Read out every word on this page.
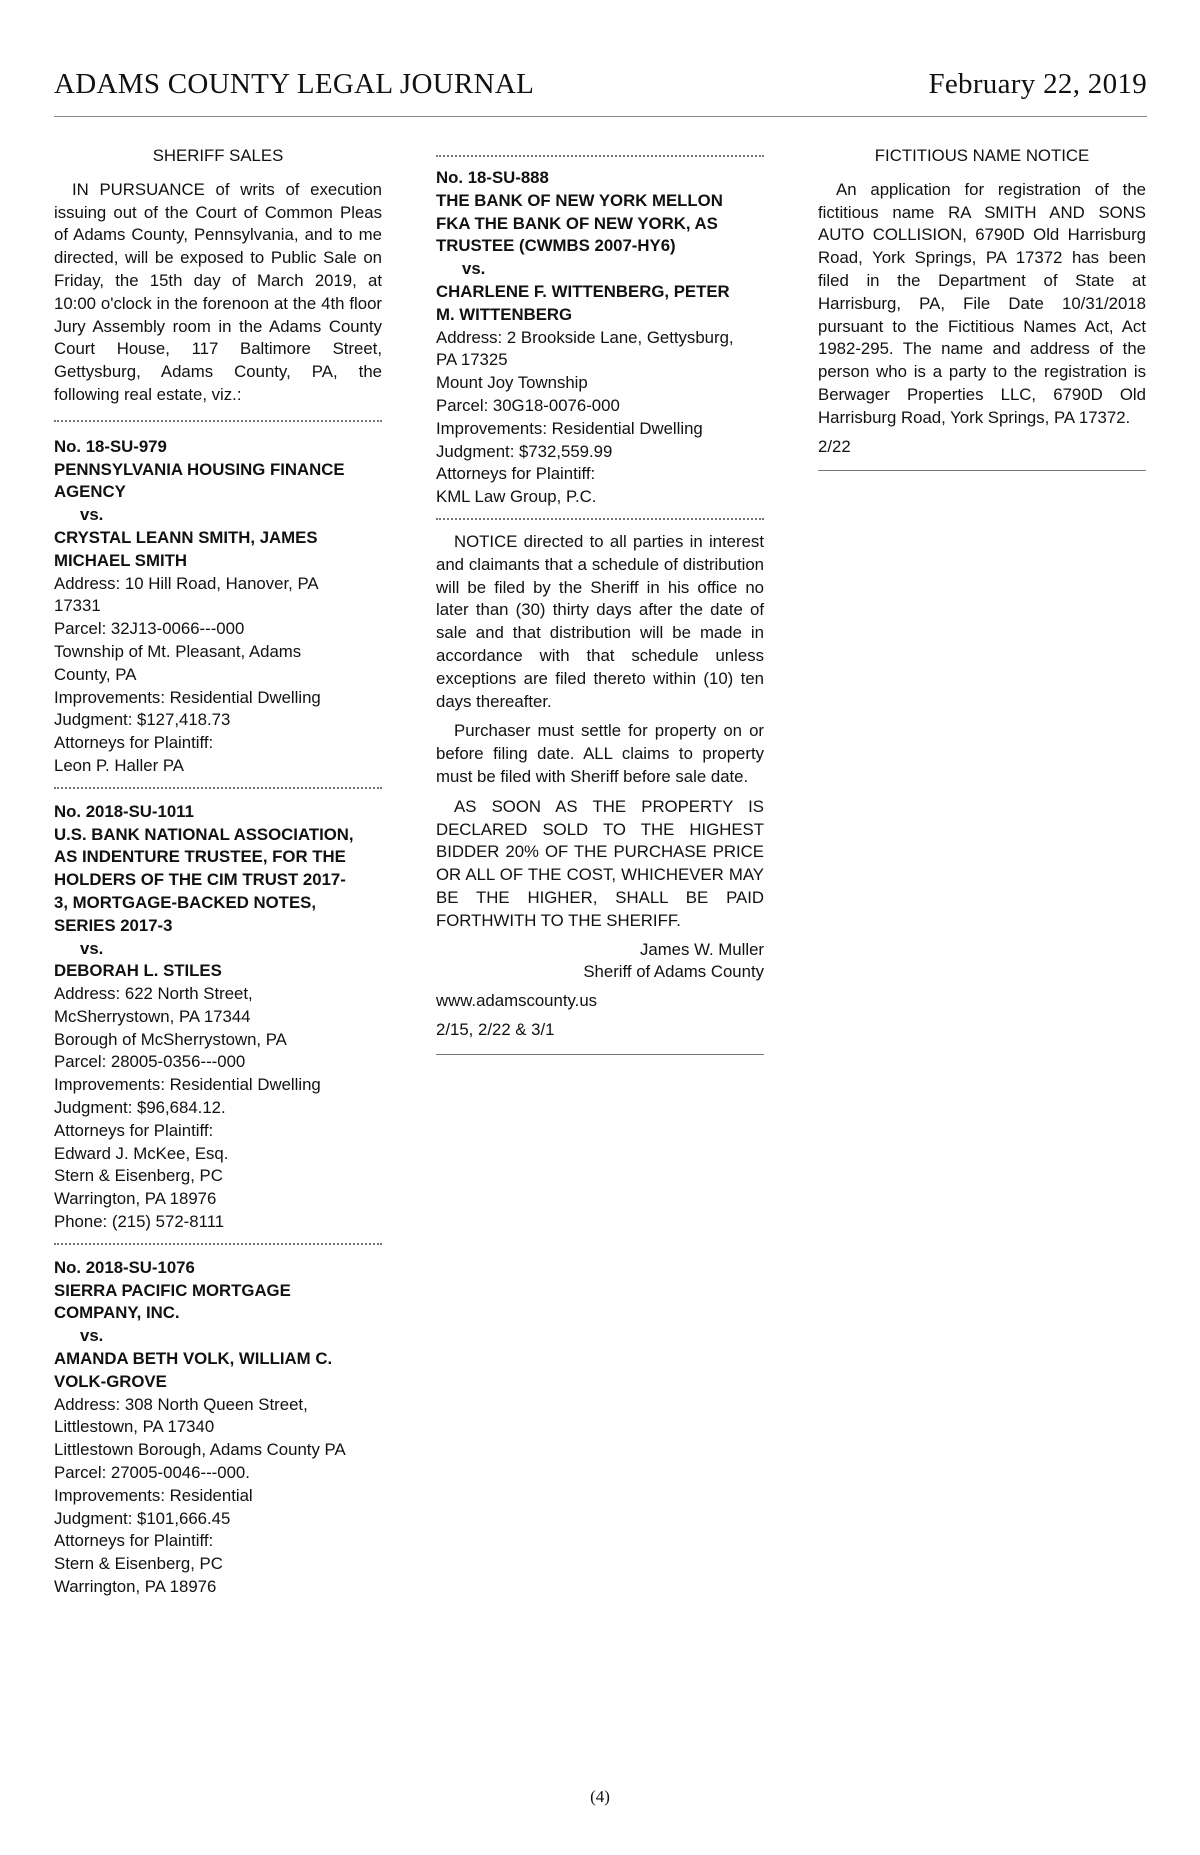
ADAMS COUNTY LEGAL JOURNAL	February 22, 2019
SHERIFF SALES

IN PURSUANCE of writs of execution issuing out of the Court of Common Pleas of Adams County, Pennsylvania, and to me directed, will be exposed to Public Sale on Friday, the 15th day of March 2019, at 10:00 o'clock in the forenoon at the 4th floor Jury Assembly room in the Adams County Court House, 117 Baltimore Street, Gettysburg, Adams County, PA, the following real estate, viz.:

No. 18-SU-979
PENNSYLVANIA HOUSING FINANCE
AGENCY
vs.
CRYSTAL LEANN SMITH, JAMES
MICHAEL SMITH
Address: 10 Hill Road, Hanover, PA
17331
Parcel: 32J13-0066---000
Township of Mt. Pleasant, Adams
County, PA
Improvements: Residential Dwelling
Judgment: $127,418.73
Attorneys for Plaintiff:
Leon P. Haller PA
No. 2018-SU-1011
U.S. BANK NATIONAL ASSOCIATION,
AS INDENTURE TRUSTEE, FOR THE
HOLDERS OF THE CIM TRUST 2017-
3, MORTGAGE-BACKED NOTES,
SERIES 2017-3
vs.
DEBORAH L. STILES
Address: 622 North Street,
McSherrystown, PA 17344
Borough of McSherrystown, PA
Parcel: 28005-0356---000
Improvements: Residential Dwelling
Judgment: $96,684.12.
Attorneys for Plaintiff:
Edward J. McKee, Esq.
Stern & Eisenberg, PC
Warrington, PA 18976
Phone: (215) 572-8111
No. 2018-SU-1076
SIERRA PACIFIC MORTGAGE
COMPANY, INC.
vs.
AMANDA BETH VOLK, WILLIAM C.
VOLK-GROVE
Address: 308 North Queen Street,
Littlestown, PA 17340
Littlestown Borough, Adams County PA
Parcel: 27005-0046---000.
Improvements: Residential
Judgment: $101,666.45
Attorneys for Plaintiff:
Stern & Eisenberg, PC
Warrington, PA 18976
No. 18-SU-888
THE BANK OF NEW YORK MELLON
FKA THE BANK OF NEW YORK, AS
TRUSTEE (CWMBS 2007-HY6)
vs.
CHARLENE F. WITTENBERG, PETER
M. WITTENBERG
Address: 2 Brookside Lane, Gettysburg,
PA 17325
Mount Joy Township
Parcel: 30G18-0076-000
Improvements: Residential Dwelling
Judgment: $732,559.99
Attorneys for Plaintiff:
KML Law Group, P.C.

NOTICE directed to all parties in interest and claimants that a schedule of distribution will be filed by the Sheriff in his office no later than (30) thirty days after the date of sale and that distribution will be made in accordance with that schedule unless exceptions are filed thereto within (10) ten days thereafter.

Purchaser must settle for property on or before filing date. ALL claims to property must be filed with Sheriff before sale date.

AS SOON AS THE PROPERTY IS DECLARED SOLD TO THE HIGHEST BIDDER 20% OF THE PURCHASE PRICE OR ALL OF THE COST, WHICHEVER MAY BE THE HIGHER, SHALL BE PAID FORTHWITH TO THE SHERIFF.

James W. Muller
Sheriff of Adams County
www.adamscounty.us
2/15, 2/22 & 3/1
FICTITIOUS NAME NOTICE

An application for registration of the fictitious name RA SMITH AND SONS AUTO COLLISION, 6790D Old Harrisburg Road, York Springs, PA 17372 has been filed in the Department of State at Harrisburg, PA, File Date 10/31/2018 pursuant to the Fictitious Names Act, Act 1982-295. The name and address of the person who is a party to the registration is Berwager Properties LLC, 6790D Old Harrisburg Road, York Springs, PA 17372.

2/22
(4)
